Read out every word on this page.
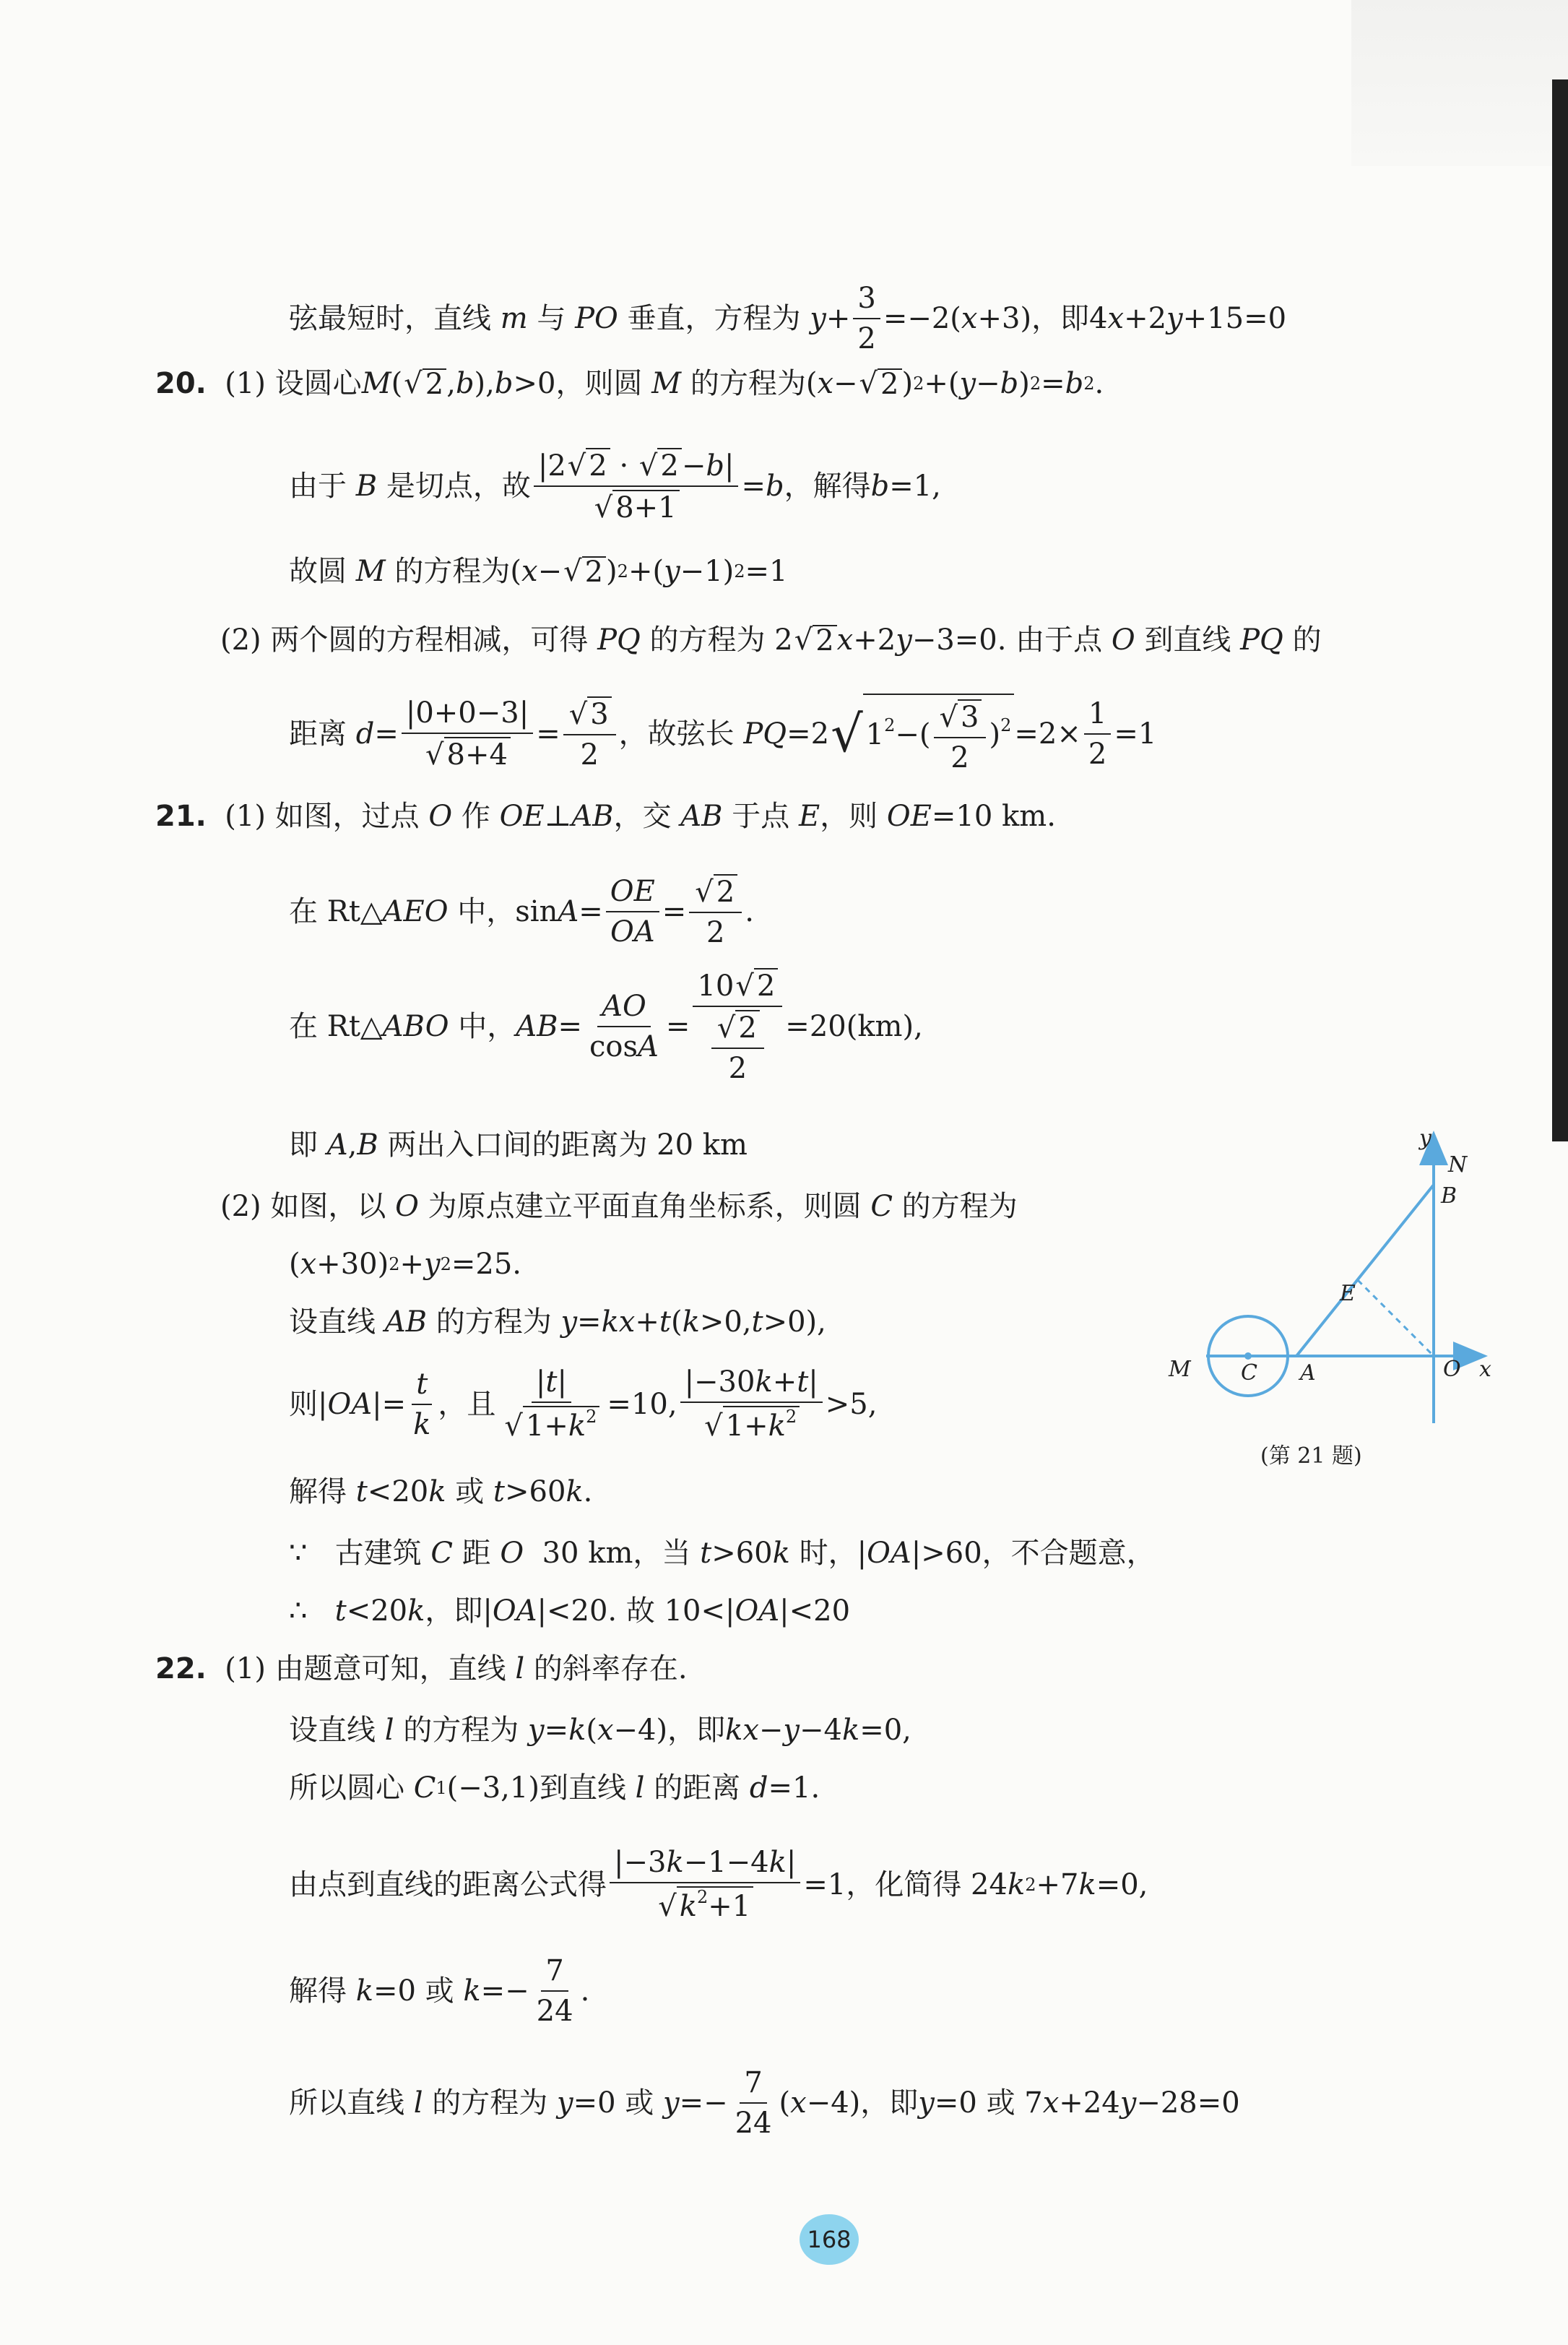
弦最短时，直线
m
与
PO
垂直，方程为
$y + \frac{3}{2} =-2$( x +3) ，即 4 x +2 y +15=0
20.
(1)
设圆心 M ( √ 2 , b ), b >0 ，则圆
M
的方程为 ( x − √ 2 ) 2 +( y − b ) 2 = b 2 .
由于
B
是切点，故 $\frac{|2√ 2 \cdot √ 2 -b|}{√ 8+1} = b$ ，解得 b =1,
故圆
M
的方程为 ( x − √ 2 ) 2 +( y −1) 2 =1
(2)
两个圆的方程相减，可得
PQ
的方程为 2 √ 2 x +2 y −3=0. 由于点
O
到直线
PQ
的
距离
$d = \frac{|0+0-3|}{√ 8+4} = \frac{√ 3}{2}$ ，故弦长
PQ =2 √ $1^2-( \frac{√ 3}{2} )^2 =2\times \frac{1}{2} =1$
21.
(1)
如图，过点
O
作
OE ⊥ AB ，交
AB
于点
E ，则
OE =10 km.
在 Rt△ AEO
中， $\sin A = \frac{OE}{OA} = \frac{√ 2}{2}$ .
在 Rt△ ABO
中， AB = $\frac{AO}{\cos A} = \frac{10√ 2}{\frac{√ 2}{2}} =20(km)$,
即
A , B
两出入口间的距离为 20 km
(2)
如图，以
O
为原点建立平面直角坐标系，则圆
C
的方程为
( x +30) 2 + y 2 =25.
设直线
AB
的方程为
y = kx + t ( k >0, t >0),
则 | OA |= $\frac{t}{k}$ ，且 $\frac{|t|}{√ 1+k^2} =10$, $\frac{|-30k+t|}{√ 1+k^2} >5$,
解得
t <20 k
或
t >60 k .
∵
古建筑
C
距
O
30 km，当
t >60 k
时， | OA |>60 ，不合题意，
∴
t <20 k ，即 | OA |<20. 故 10<| OA |<20
y
N
B
E
M C A	O x
(第 21 题)
22.
(1)
由题意可知，直线
l
的斜率存在.
设直线
l
的方程为
y = k ( x −4) ，即 kx − y −4 k =0,
所以圆心
C 1 (−3,1) 到直线
l
的距离
d =1.
由点到直线的距离公式得 $\frac{|-3k-1-4k|}{√ k^2+1} =1$ ，化简得 24 k 2 +7 k =0,
解得
k =0 或
$k =- \frac{7}{24}$ .
所以直线
l
的方程为
y =0 或
$y =- \frac{7}{24}$ ( x −4) ，即 y =0 或 7 x +24 y −28=0
168
